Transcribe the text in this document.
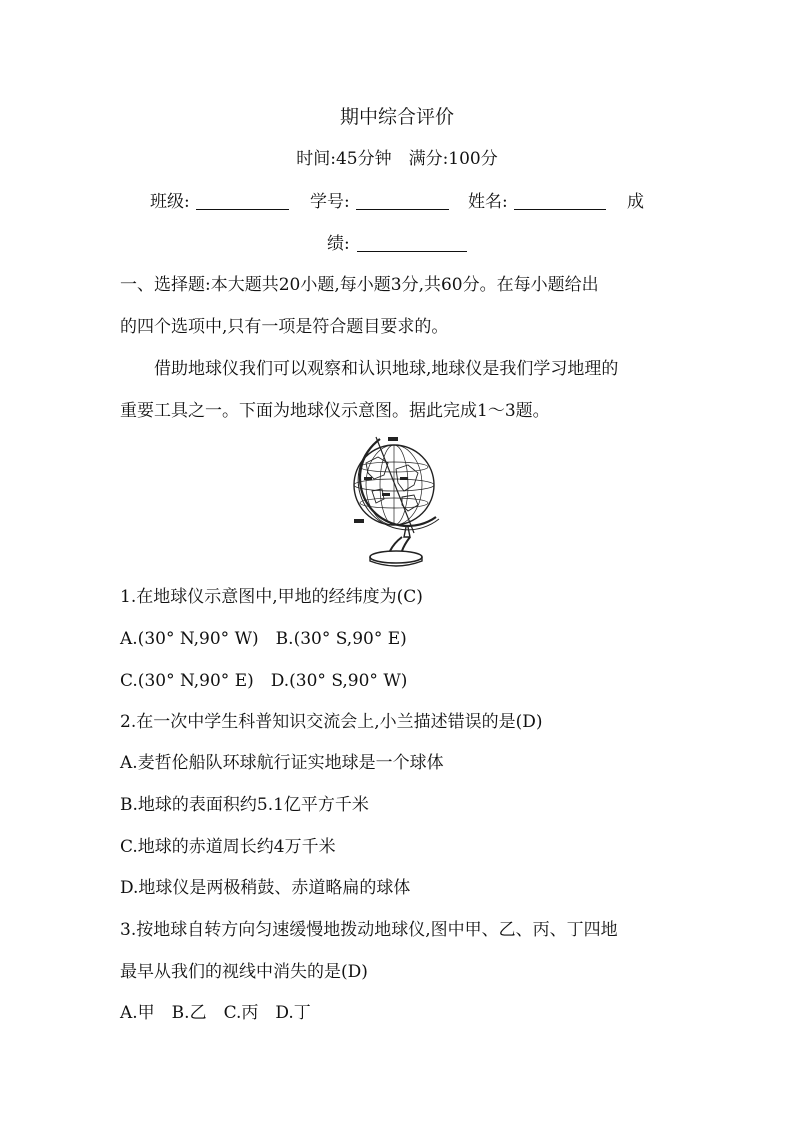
期中综合评价
时间:45分钟　满分:100分
班级:	学号:	姓名:	成
绩:
一、选择题:本大题共20小题,每小题3分,共60分。在每小题给出
的四个选项中,只有一项是符合题目要求的。
借助地球仪我们可以观察和认识地球,地球仪是我们学习地理的
重要工具之一。下面为地球仪示意图。据此完成1～3题。
1.在地球仪示意图中,甲地的经纬度为(C)
A.(30° N,90° W)　B.(30° S,90° E)
C.(30° N,90° E)　D.(30° S,90° W)
2.在一次中学生科普知识交流会上,小兰描述错误的是(D)
A.麦哲伦船队环球航行证实地球是一个球体
B.地球的表面积约5.1亿平方千米
C.地球的赤道周长约4万千米
D.地球仪是两极稍鼓、赤道略扁的球体
3.按地球自转方向匀速缓慢地拨动地球仪,图中甲、乙、丙、丁四地
最早从我们的视线中消失的是(D)
A.甲　B.乙　C.丙　D.丁
